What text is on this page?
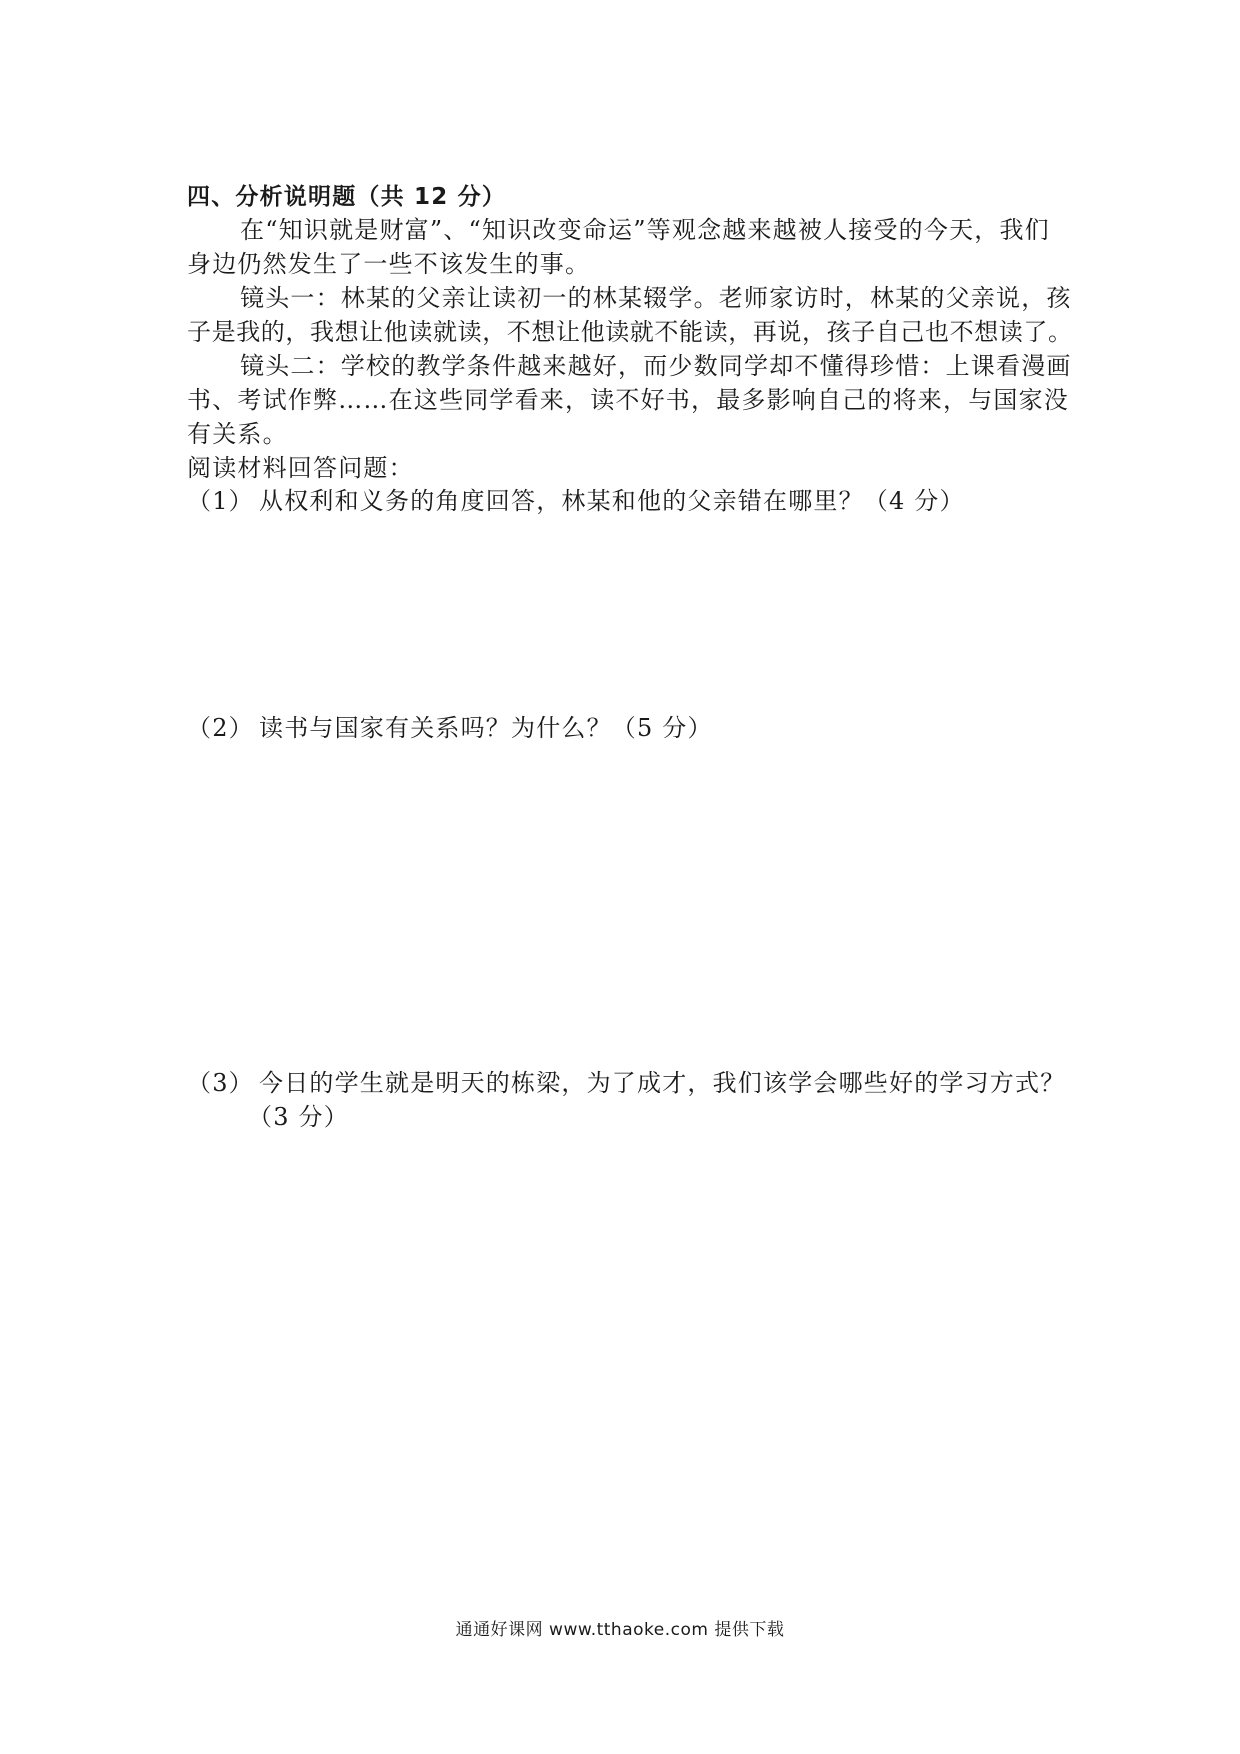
四、分析说明题（共 12 分）
在“知识就是财富”、“知识改变命运”等观念越来越被人接受的今天，我们
身边仍然发生了一些不该发生的事。
镜头一：林某的父亲让读初一的林某辍学。老师家访时，林某的父亲说，孩
子是我的，我想让他读就读，不想让他读就不能读，再说，孩子自己也不想读了。
镜头二：学校的教学条件越来越好，而少数同学却不懂得珍惜：上课看漫画
书、考试作弊……在这些同学看来，读不好书，最多影响自己的将来，与国家没
有关系。
阅读材料回答问题：
（1） 从权利和义务的角度回答，林某和他的父亲错在哪里？（4 分）
（2） 读书与国家有关系吗？为什么？（5 分）
（3） 今日的学生就是明天的栋梁，为了成才，我们该学会哪些好的学习方式？
（3 分）
通通好课网 www.tthaoke.com 提供下载
